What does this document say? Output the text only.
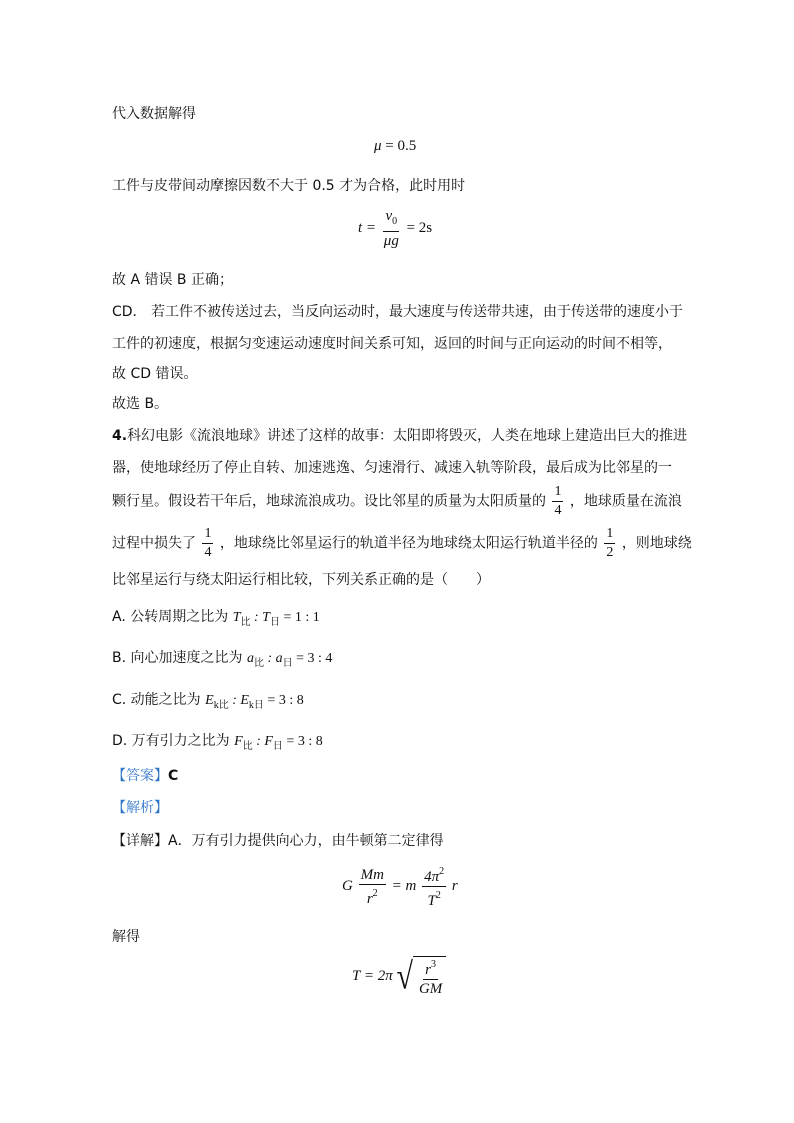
代入数据解得
μ = 0.5
工件与皮带间动摩擦因数不大于 0.5 才为合格，此时用时
$t = \frac{v_0}{\mu g} = 2s$
故 A 错误 B 正确；
CD． 若工件不被传送过去，当反向运动时，最大速度与传送带共速，由于传送带的速度小于
工件的初速度，根据匀变速运动速度时间关系可知，返回的时间与正向运动的时间不相等，
故 CD 错误。
故选 B。
4.科幻电影《流浪地球》讲述了这样的故事：太阳即将毁灭，人类在地球上建造出巨大的推进
器，使地球经历了停止自转、加速逃逸、匀速滑行、减速入轨等阶段，最后成为比邻星的一
颗行星。假设若干年后，地球流浪成功。设比邻星的质量为太阳质量的 $\frac{1}{4}$ ，地球质量在流浪
过程中损失了 $\frac{1}{4}$ ，地球绕比邻星运行的轨道半径为地球绕太阳运行轨道半径的 $\frac{1}{2}$ ，则地球绕
比邻星运行与绕太阳运行相比较，下列关系正确的是（　　）
A. 公转周期之比为 $T_比$ : $T_日 = 1$ : 1
B. 向心加速度之比为 $a_比$ : $a_日 = 3$ : 4
C. 动能之比为 $E_{k比}$ : $E_{k日} = 3$ : 8
D. 万有引力之比为 $F_比$ : $F_日 = 3$ : 8
【答案】C
【解析】
【详解】A．万有引力提供向心力，由牛顿第二定律得
G $\frac{Mm}{r^2} = m \frac{4\pi^2}{T^2}$ r
解得
T = 2π √ $\frac{r^3}{GM}$
